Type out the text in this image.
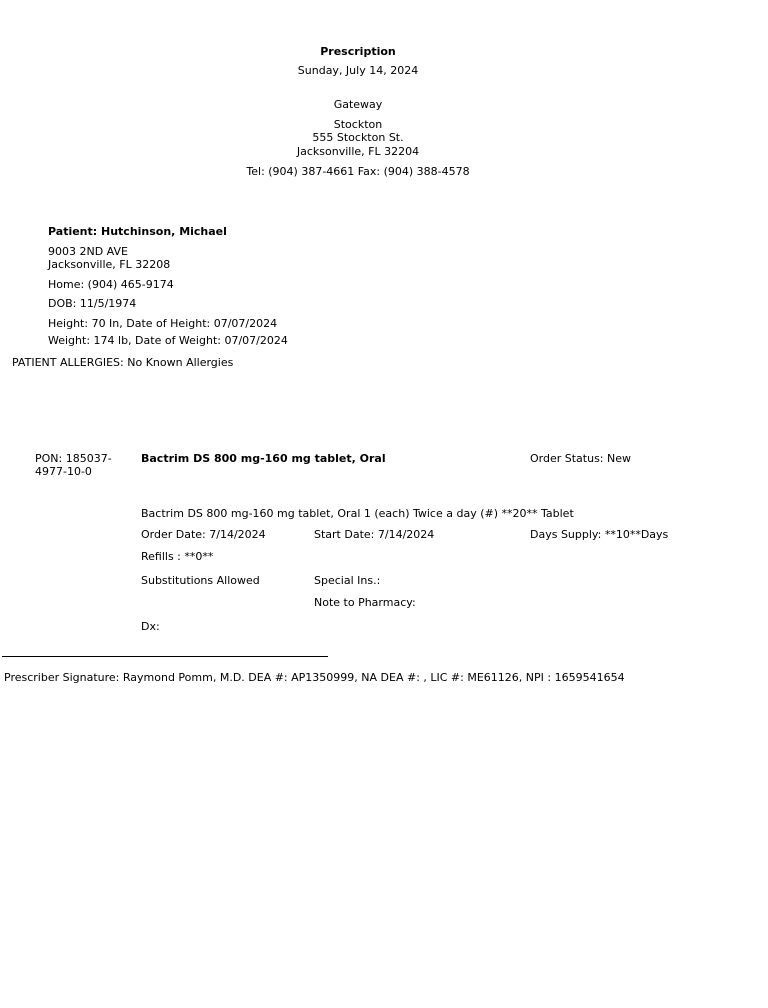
Prescription
Sunday, July 14, 2024
Gateway
Stockton
555 Stockton St.
Jacksonville, FL 32204
Tel: (904) 387-4661 Fax: (904) 388-4578
Patient: Hutchinson, Michael
9003 2ND AVE
Jacksonville, FL 32208
Home: (904) 465-9174
DOB: 11/5/1974
Height: 70 In, Date of Height: 07/07/2024
Weight: 174 lb, Date of Weight: 07/07/2024
PATIENT ALLERGIES: No Known Allergies
PON: 185037-
4977-10-0
Bactrim DS 800 mg-160 mg tablet, Oral	Order Status: New
Bactrim DS 800 mg-160 mg tablet, Oral 1 (each) Twice a day (#) **20** Tablet
Order Date: 7/14/2024	Start Date: 7/14/2024	Days Supply: **10**Days
Refills : **0**
Substitutions Allowed	Special Ins.:
Note to Pharmacy:
Dx:
Prescriber Signature: Raymond Pomm, M.D. DEA #: AP1350999, NA DEA #: , LIC #: ME61126, NPI : 1659541654
